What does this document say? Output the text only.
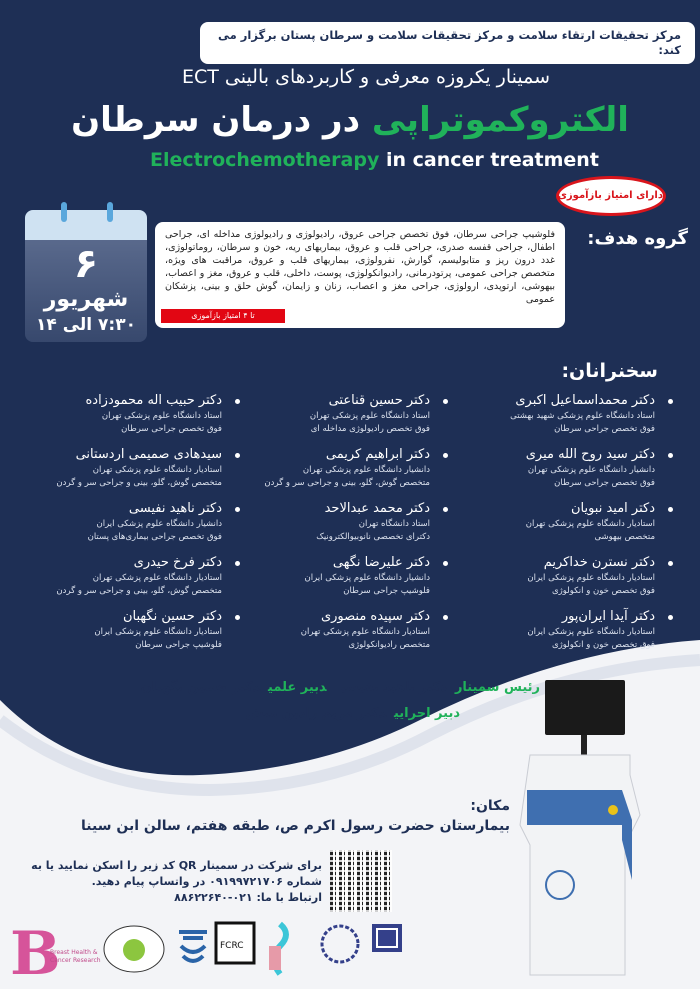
مرکز تحقیقات ارتقاء سلامت و مرکز تحقیقات سلامت و سرطان پستان برگزار می کند:
سمینار یکروزه معرفی و کاربردهای بالینی ECT
الکتروکموتراپی در درمان سرطان
Electrochemotherapy in cancer treatment
دارای امتیاز بازآموزی
۶
شهریور
۷:۳۰ الی ۱۴
گروه هدف:
فلوشیپ جراحی سرطان، فوق تخصص جراحی عروق، رادیولوژی و رادیولوژی مداخله ای، جراحی اطفال، جراحی قفسه صدری، جراحی قلب و عروق، بیماریهای ریه، خون و سرطان، روماتولوژی، غدد درون ریز و متابولیسم، گوارش، نفرولوژی، بیماریهای قلب و عروق، مراقبت های ویژه، متخصص جراحی عمومی، پرتودرمانی، رادیوانکولوژی، پوست، داخلی، قلب و عروق، مغز و اعصاب، بیهوشی، ارتوپدی، ارولوژی، جراحی مغز و اعصاب، زنان و زایمان، گوش حلق و بینی، پزشکان عمومی
تا ۴ امتیاز بازآموزی
سخنرانان:
دکتر محمداسماعیل اکبری
استاد دانشگاه علوم پزشکی شهید بهشتی
فوق تخصص جراحی سرطان
دکتر سید روح الله میری
دانشیار دانشگاه علوم پزشکی تهران
فوق تخصص جراحی سرطان
دکتر امید نبویان
استادیار دانشگاه علوم پزشکی تهران
متخصص بیهوشی
دکتر نسترن خداکریم
استادیار دانشگاه علوم پزشکی ایران
فوق تخصص خون و انکولوژی
دکتر آیدا ایران‌پور
استادیار دانشگاه علوم پزشکی ایران
فوق تخصص خون و انکولوژی
دکتر حسین قناعتی
استاد دانشگاه علوم پزشکی تهران
فوق تخصص رادیولوژی مداخله ای
دکتر ابراهیم کریمی
دانشیار دانشگاه علوم پزشکی تهران
متخصص گوش، گلو، بینی و جراحی سر و گردن
دکتر محمد عبدالاحد
استاد دانشگاه تهران
دکترای تخصصی نانوبیوالکترونیک
دکتر علیرضا نگهی
دانشیار دانشگاه علوم پزشکی ایران
فلوشیپ جراحی سرطان
دکتر سپیده منصوری
استادیار دانشگاه علوم پزشکی تهران
متخصص رادیوانکولوژی
دکتر حبیب اله محمودزاده
استاد دانشگاه علوم پزشکی تهران
فوق تخصص جراحی سرطان
سیدهادی صمیمی اردستانی
استادیار دانشگاه علوم پزشکی تهران
متخصص گوش، گلو، بینی و جراحی سر و گردن
دکتر ناهید نفیسی
دانشیار دانشگاه علوم پزشکی ایران
فوق تخصص جراحی بیماری‌های پستان
دکتر فرخ حیدری
استادیار دانشگاه علوم پزشکی تهران
متخصص گوش، گلو، بینی و جراحی سر و گردن
دکتر حسین نگهبان
استادیار دانشگاه علوم پزشکی ایران
فلوشیپ جراحی سرطان
رئیس سمیناردکتر ناهید نفیسیدبیر علمیدکتر حسین نگهبان
دبیر اجراییدکتر مریم رادین منش
مکان:
بیمارستان حضرت رسول اکرم ص، طبقه هفتم، سالن ابن سینا
برای شرکت در سمینار QR کد زیر را اسکن نمایید یا به
شماره ۰۹۱۹۹۷۲۱۷۰۶ در واتساپ پیام دهید.
ارتباط با ما: ۰۲۱-۸۸۶۲۲۶۴۰
B
Breast Health &
Cancer Research
FCRC
